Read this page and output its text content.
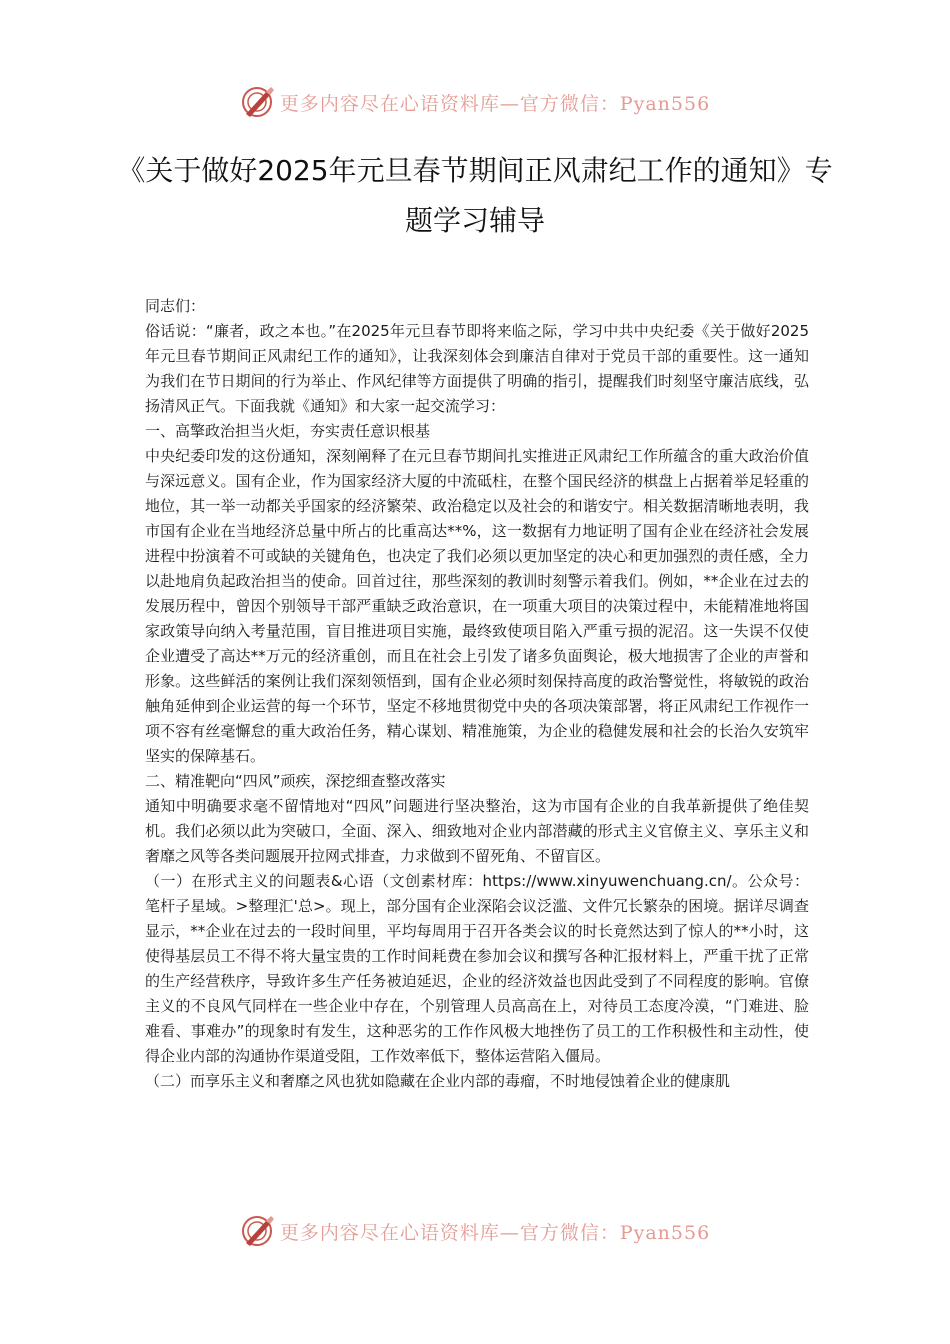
更多内容尽在心语资料库—官方微信：Pyan556
《关于做好2025年元旦春节期间正风肃纪工作的通知》专题学习辅导

同志们：

俗话说：“廉者，政之本也。”在2025年元旦春节即将来临之际，学习中共中央纪委《关于做好2025年元旦春节期间正风肃纪工作的通知》，让我深刻体会到廉洁自律对于党员干部的重要性。这一通知为我们在节日期间的行为举止、作风纪律等方面提供了明确的指引，提醒我们时刻坚守廉洁底线，弘扬清风正气。下面我就《通知》和大家一起交流学习：

一、高擎政治担当火炬，夯实责任意识根基

中央纪委印发的这份通知，深刻阐释了在元旦春节期间扎实推进正风肃纪工作所蕴含的重大政治价值与深远意义。国有企业，作为国家经济大厦的中流砥柱，在整个国民经济的棋盘上占据着举足轻重的地位，其一举一动都关乎国家的经济繁荣、政治稳定以及社会的和谐安宁。相关数据清晰地表明，我市国有企业在当地经济总量中所占的比重高达**%，这一数据有力地证明了国有企业在经济社会发展进程中扮演着不可或缺的关键角色，也决定了我们必须以更加坚定的决心和更加强烈的责任感，全力以赴地肩负起政治担当的使命。回首过往，那些深刻的教训时刻警示着我们。例如，**企业在过去的发展历程中，曾因个别领导干部严重缺乏政治意识，在一项重大项目的决策过程中，未能精准地将国家政策导向纳入考量范围，盲目推进项目实施，最终致使项目陷入严重亏损的泥沼。这一失误不仅使企业遭受了高达**万元的经济重创，而且在社会上引发了诸多负面舆论，极大地损害了企业的声誉和形象。这些鲜活的案例让我们深刻领悟到，国有企业必须时刻保持高度的政治警觉性，将敏锐的政治触角延伸到企业运营的每一个环节，坚定不移地贯彻党中央的各项决策部署，将正风肃纪工作视作一项不容有丝毫懈怠的重大政治任务，精心谋划、精准施策，为企业的稳健发展和社会的长治久安筑牢坚实的保障基石。

二、精准靶向“四风”顽疾，深挖细查整改落实

通知中明确要求毫不留情地对“四风”问题进行坚决整治，这为市国有企业的自我革新提供了绝佳契机。我们必须以此为突破口，全面、深入、细致地对企业内部潜藏的形式主义官僚主义、享乐主义和奢靡之风等各类问题展开拉网式排查，力求做到不留死角、不留盲区。

（一）在形式主义的问题表&心语（文创素材库：https://www.xinyuwenchuang.cn/。公众号：笔杆子星域。>整理汇'总>。现上，部分国有企业深陷会议泛滥、文件冗长繁杂的困境。据详尽调查显示，**企业在过去的一段时间里，平均每周用于召开各类会议的时长竟然达到了惊人的**小时，这使得基层员工不得不将大量宝贵的工作时间耗费在参加会议和撰写各种汇报材料上，严重干扰了正常的生产经营秩序，导致许多生产任务被迫延迟，企业的经济效益也因此受到了不同程度的影响。官僚主义的不良风气同样在一些企业中存在，个别管理人员高高在上，对待员工态度冷漠，“门难进、脸难看、事难办”的现象时有发生，这种恶劣的工作作风极大地挫伤了员工的工作积极性和主动性，使得企业内部的沟通协作渠道受阻，工作效率低下，整体运营陷入僵局。

（二）而享乐主义和奢靡之风也犹如隐藏在企业内部的毒瘤，不时地侵蚀着企业的健康肌

更多内容尽在心语资料库—官方微信：Pyan556
